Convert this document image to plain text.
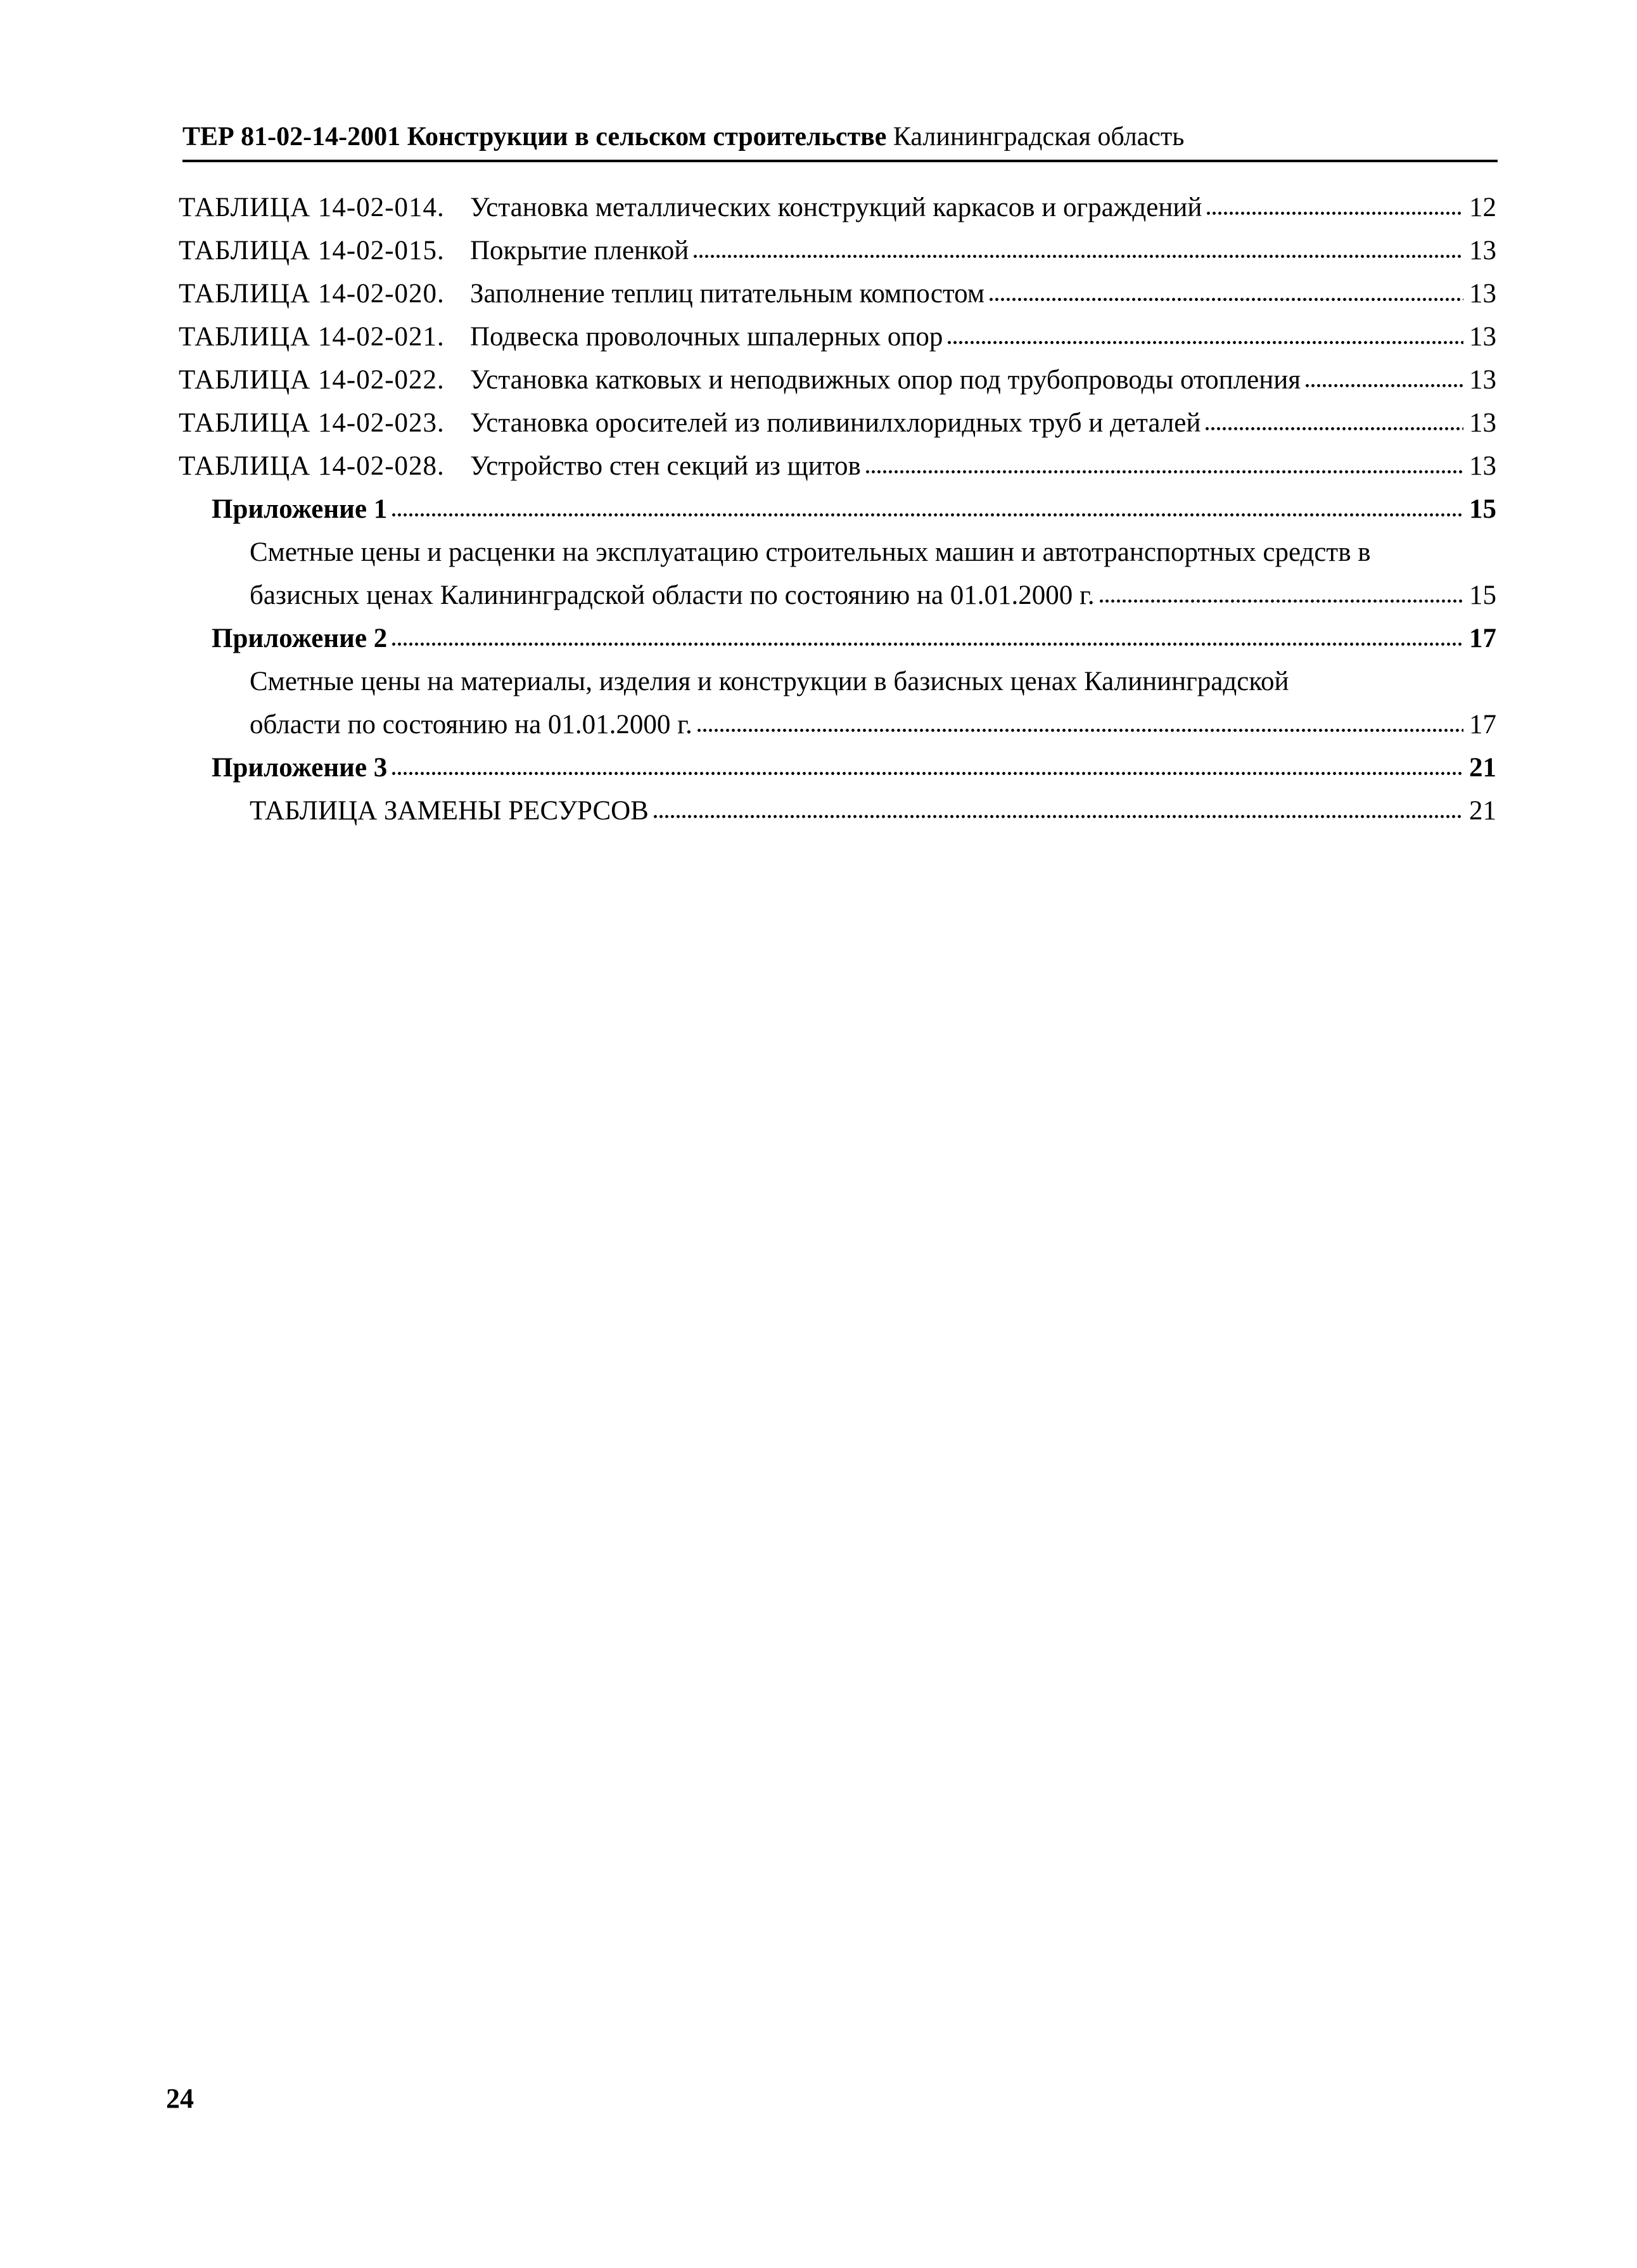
ТЕР 81-02-14-2001 Конструкции в сельском строительстве Калининградская область
ТАБЛИЦА 14-02-014. Установка металлических конструкций каркасов и ограждений	12
ТАБЛИЦА 14-02-015. Покрытие пленкой	13
ТАБЛИЦА 14-02-020. Заполнение теплиц питательным компостом	13
ТАБЛИЦА 14-02-021. Подвеска проволочных шпалерных опор	13
ТАБЛИЦА 14-02-022. Установка катковых и неподвижных опор под трубопроводы отопления	13
ТАБЛИЦА 14-02-023. Установка оросителей из поливинилхлоридных труб и деталей	13
ТАБЛИЦА 14-02-028. Устройство стен секций из щитов	13
Приложение 1	15
Сметные цены и расценки на эксплуатацию строительных машин и автотранспортных средств в
базисных ценах Калининградской области по состоянию на 01.01.2000 г.	15
Приложение 2	17
Сметные цены на материалы, изделия и конструкции в базисных ценах Калининградской
области по состоянию на 01.01.2000 г.	17
Приложение 3	21
ТАБЛИЦА ЗАМЕНЫ РЕСУРСОВ	21
24
